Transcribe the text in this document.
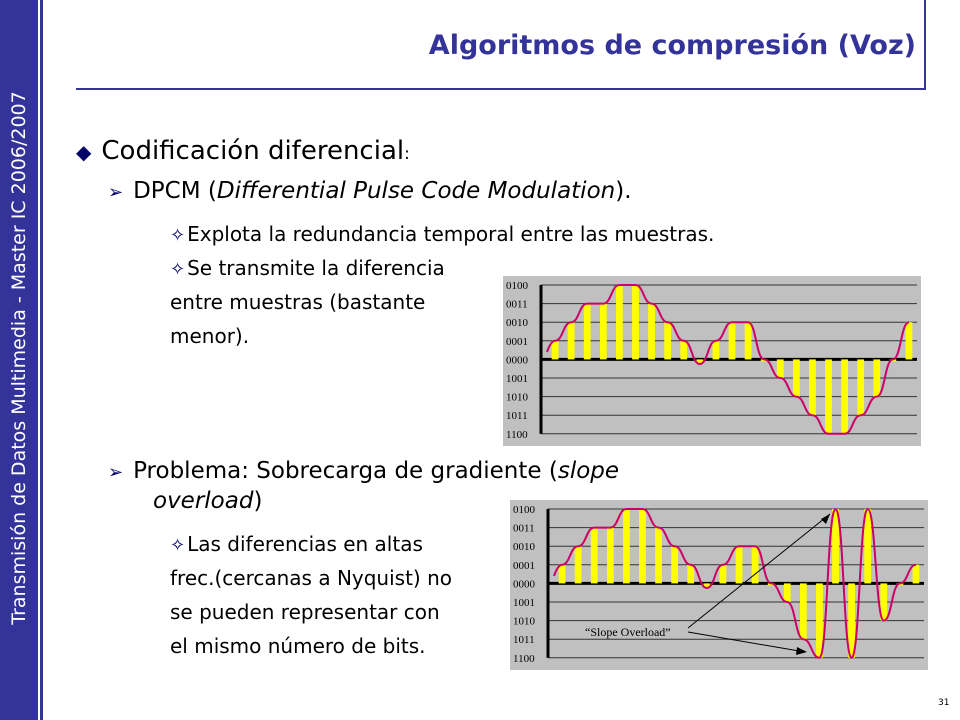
Transmisión de Datos Multimedia - Master IC 2006/2007
Algoritmos de compresión (Voz)
◆ Codificación diferencial:
➢ DPCM (Differential Pulse Code Modulation).
✧ Explota la redundancia temporal entre las muestras.
✧ Se transmite la diferencia
entre muestras (bastante
menor).
➢ Problema: Sobrecarga de gradiente (slope
overload)
✧ Las diferencias en altas
frec.(cercanas a Nyquist) no
se pueden representar con
el mismo número de bits.
0100
0011
0010
0001
0000
1001
1010
1011
1100
0100
0011
0010
0001
0000
1001
1010
1011
1100
“Slope Overload”
31
